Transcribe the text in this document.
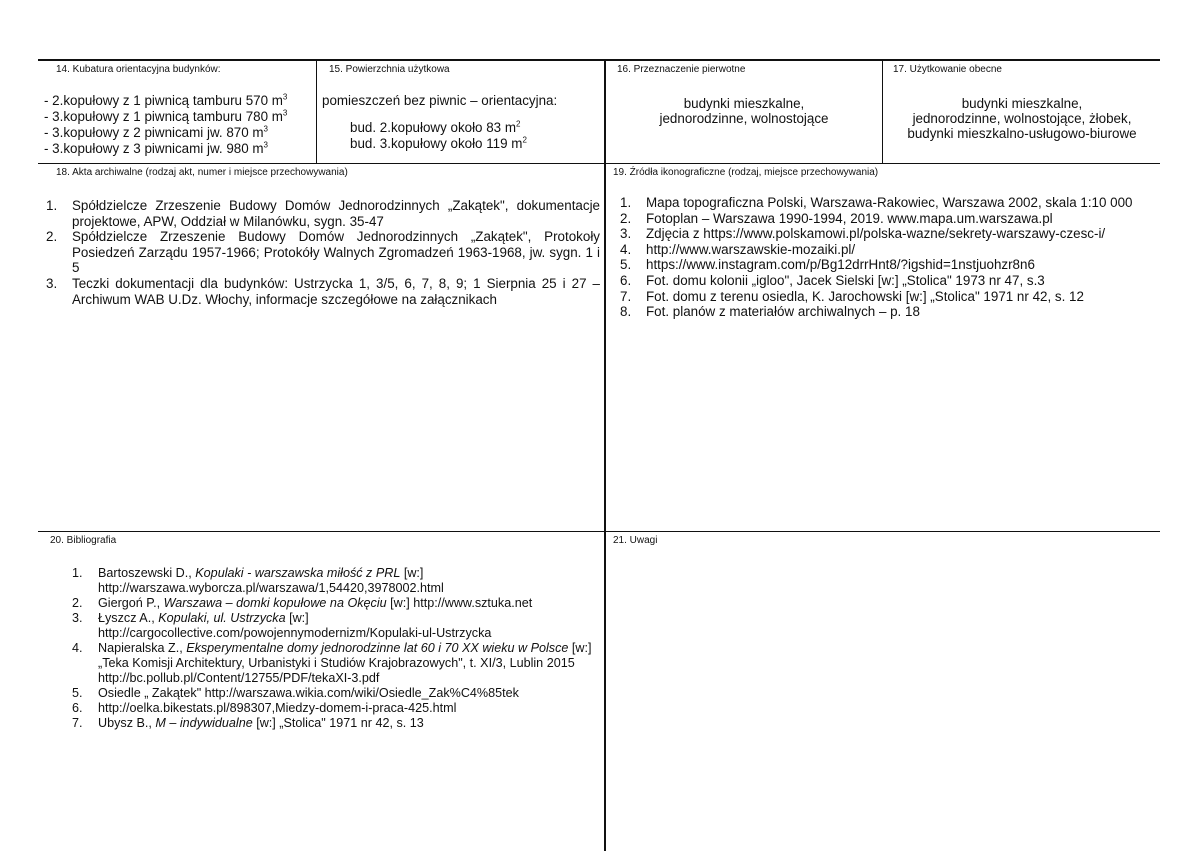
14. Kubatura orientacyjna budynków:
- 2.kopułowy z 1 piwnicą tamburu 570 $m^3$
- 3.kopułowy z 1 piwnicą tamburu 780 $m^3$
- 3.kopułowy z 2 piwnicami jw. 870 $m^3$
- 3.kopułowy z 3 piwnicami jw. 980 $m^3$
15. Powierzchnia użytkowa
pomieszczeń bez piwnic – orientacyjna:
bud. 2.kopułowy około 83 $m^2$
bud. 3.kopułowy około 119 $m^2$
16. Przeznaczenie pierwotne
budynki mieszkalne,
jednorodzinne, wolnostojące
17. Użytkowanie obecne
budynki mieszkalne,
jednorodzinne, wolnostojące, żłobek,
budynki mieszkalno-usługowo-biurowe
18. Akta archiwalne (rodzaj akt, numer i miejsce przechowywania)
1. Spółdzielcze Zrzeszenie Budowy Domów Jednorodzinnych „Zakątek", dokumentacje projektowe, APW, Oddział w Milanówku, sygn. 35-47
2. Spółdzielcze Zrzeszenie Budowy Domów Jednorodzinnych „Zakątek", Protokoły Posiedzeń Zarządu 1957-1966; Protokóły Walnych Zgromadzeń 1963-1968, jw. sygn. 1 i 5
3. Teczki dokumentacji dla budynków: Ustrzycka 1, 3/5, 6, 7, 8, 9; 1 Sierpnia 25 i 27 – Archiwum WAB U.Dz. Włochy, informacje szczegółowe na załącznikach
19. Źródła ikonograficzne (rodzaj, miejsce przechowywania)
1. Mapa topograficzna Polski, Warszawa-Rakowiec, Warszawa 2002, skala 1:10 000
2. Fotoplan – Warszawa 1990-1994, 2019. www.mapa.um.warszawa.pl
3. Zdjęcia z https://www.polskamowi.pl/polska-wazne/sekrety-warszawy-czesc-i/
4. http://www.warszawskie-mozaiki.pl/
5. https://www.instagram.com/p/Bg12drrHnt8/?igshid=1nstjuohzr8n6
6. Fot. domu kolonii „igloo", Jacek Sielski [w:] „Stolica" 1973 nr 47, s.3
7. Fot. domu z terenu osiedla, K. Jarochowski [w:] „Stolica" 1971 nr 42, s. 12
8. Fot. planów z materiałów archiwalnych – p. 18
20. Bibliografia
1. Bartoszewski D., Kopulaki - warszawska miłość z PRL [w:] http://warszawa.wyborcza.pl/warszawa/1,54420,3978002.html
2. Giergoń P., Warszawa – domki kopułowe na Okęciu [w:] http://www.sztuka.net
3. Łyszcz A., Kopulaki, ul. Ustrzycka [w:] http://cargocollective.com/powojennymodernizm/Kopulaki-ul-Ustrzycka
4. Napieralska Z., Eksperymentalne domy jednorodzinne lat 60 i 70 XX wieku w Polsce [w:] „Teka Komisji Architektury, Urbanistyki i Studiów Krajobrazowych", t. XI/3, Lublin 2015 http://bc.pollub.pl/Content/12755/PDF/tekaXI-3.pdf
5. Osiedle „ Zakątek" http://warszawa.wikia.com/wiki/Osiedle_Zak%C4%85tek
6. http://oelka.bikestats.pl/898307,Miedzy-domem-i-praca-425.html
7. Ubysz B., M – indywidualne [w:] „Stolica" 1971 nr 42, s. 13
21. Uwagi
